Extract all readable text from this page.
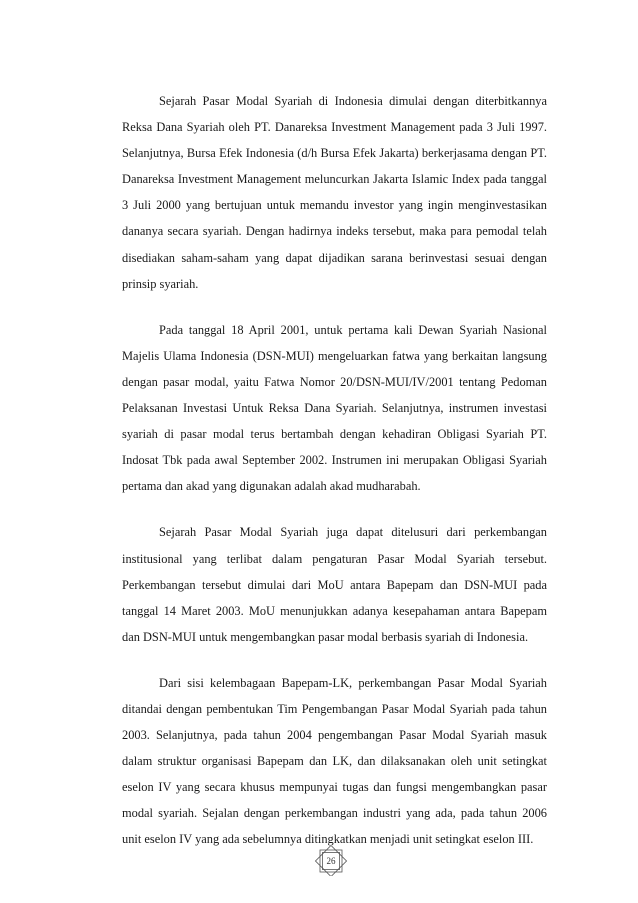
Sejarah Pasar Modal Syariah di Indonesia dimulai dengan diterbitkannya Reksa Dana Syariah oleh PT. Danareksa Investment Management pada 3 Juli 1997. Selanjutnya, Bursa Efek Indonesia (d/h Bursa Efek Jakarta) berkerjasama dengan PT. Danareksa Investment Management meluncurkan Jakarta Islamic Index pada tanggal 3 Juli 2000 yang bertujuan untuk memandu investor yang ingin menginvestasikan dananya secara syariah. Dengan hadirnya indeks tersebut, maka para pemodal telah disediakan saham-saham yang dapat dijadikan sarana berinvestasi sesuai dengan prinsip syariah.

Pada tanggal 18 April 2001, untuk pertama kali Dewan Syariah Nasional Majelis Ulama Indonesia (DSN-MUI) mengeluarkan fatwa yang berkaitan langsung dengan pasar modal, yaitu Fatwa Nomor 20/DSN-MUI/IV/2001 tentang Pedoman Pelaksanan Investasi Untuk Reksa Dana Syariah. Selanjutnya, instrumen investasi syariah di pasar modal terus bertambah dengan kehadiran Obligasi Syariah PT. Indosat Tbk pada awal September 2002. Instrumen ini merupakan Obligasi Syariah pertama dan akad yang digunakan adalah akad mudharabah.

Sejarah Pasar Modal Syariah juga dapat ditelusuri dari perkembangan institusional yang terlibat dalam pengaturan Pasar Modal Syariah tersebut. Perkembangan tersebut dimulai dari MoU antara Bapepam dan DSN-MUI pada tanggal 14 Maret 2003. MoU menunjukkan adanya kesepahaman antara Bapepam dan DSN-MUI untuk mengembangkan pasar modal berbasis syariah di Indonesia.

Dari sisi kelembagaan Bapepam-LK, perkembangan Pasar Modal Syariah ditandai dengan pembentukan Tim Pengembangan Pasar Modal Syariah pada tahun 2003. Selanjutnya, pada tahun 2004 pengembangan Pasar Modal Syariah masuk dalam struktur organisasi Bapepam dan LK, dan dilaksanakan oleh unit setingkat eselon IV yang secara khusus mempunyai tugas dan fungsi mengembangkan pasar modal syariah. Sejalan dengan perkembangan industri yang ada, pada tahun 2006 unit eselon IV yang ada sebelumnya ditingkatkan menjadi unit setingkat eselon III.

26
